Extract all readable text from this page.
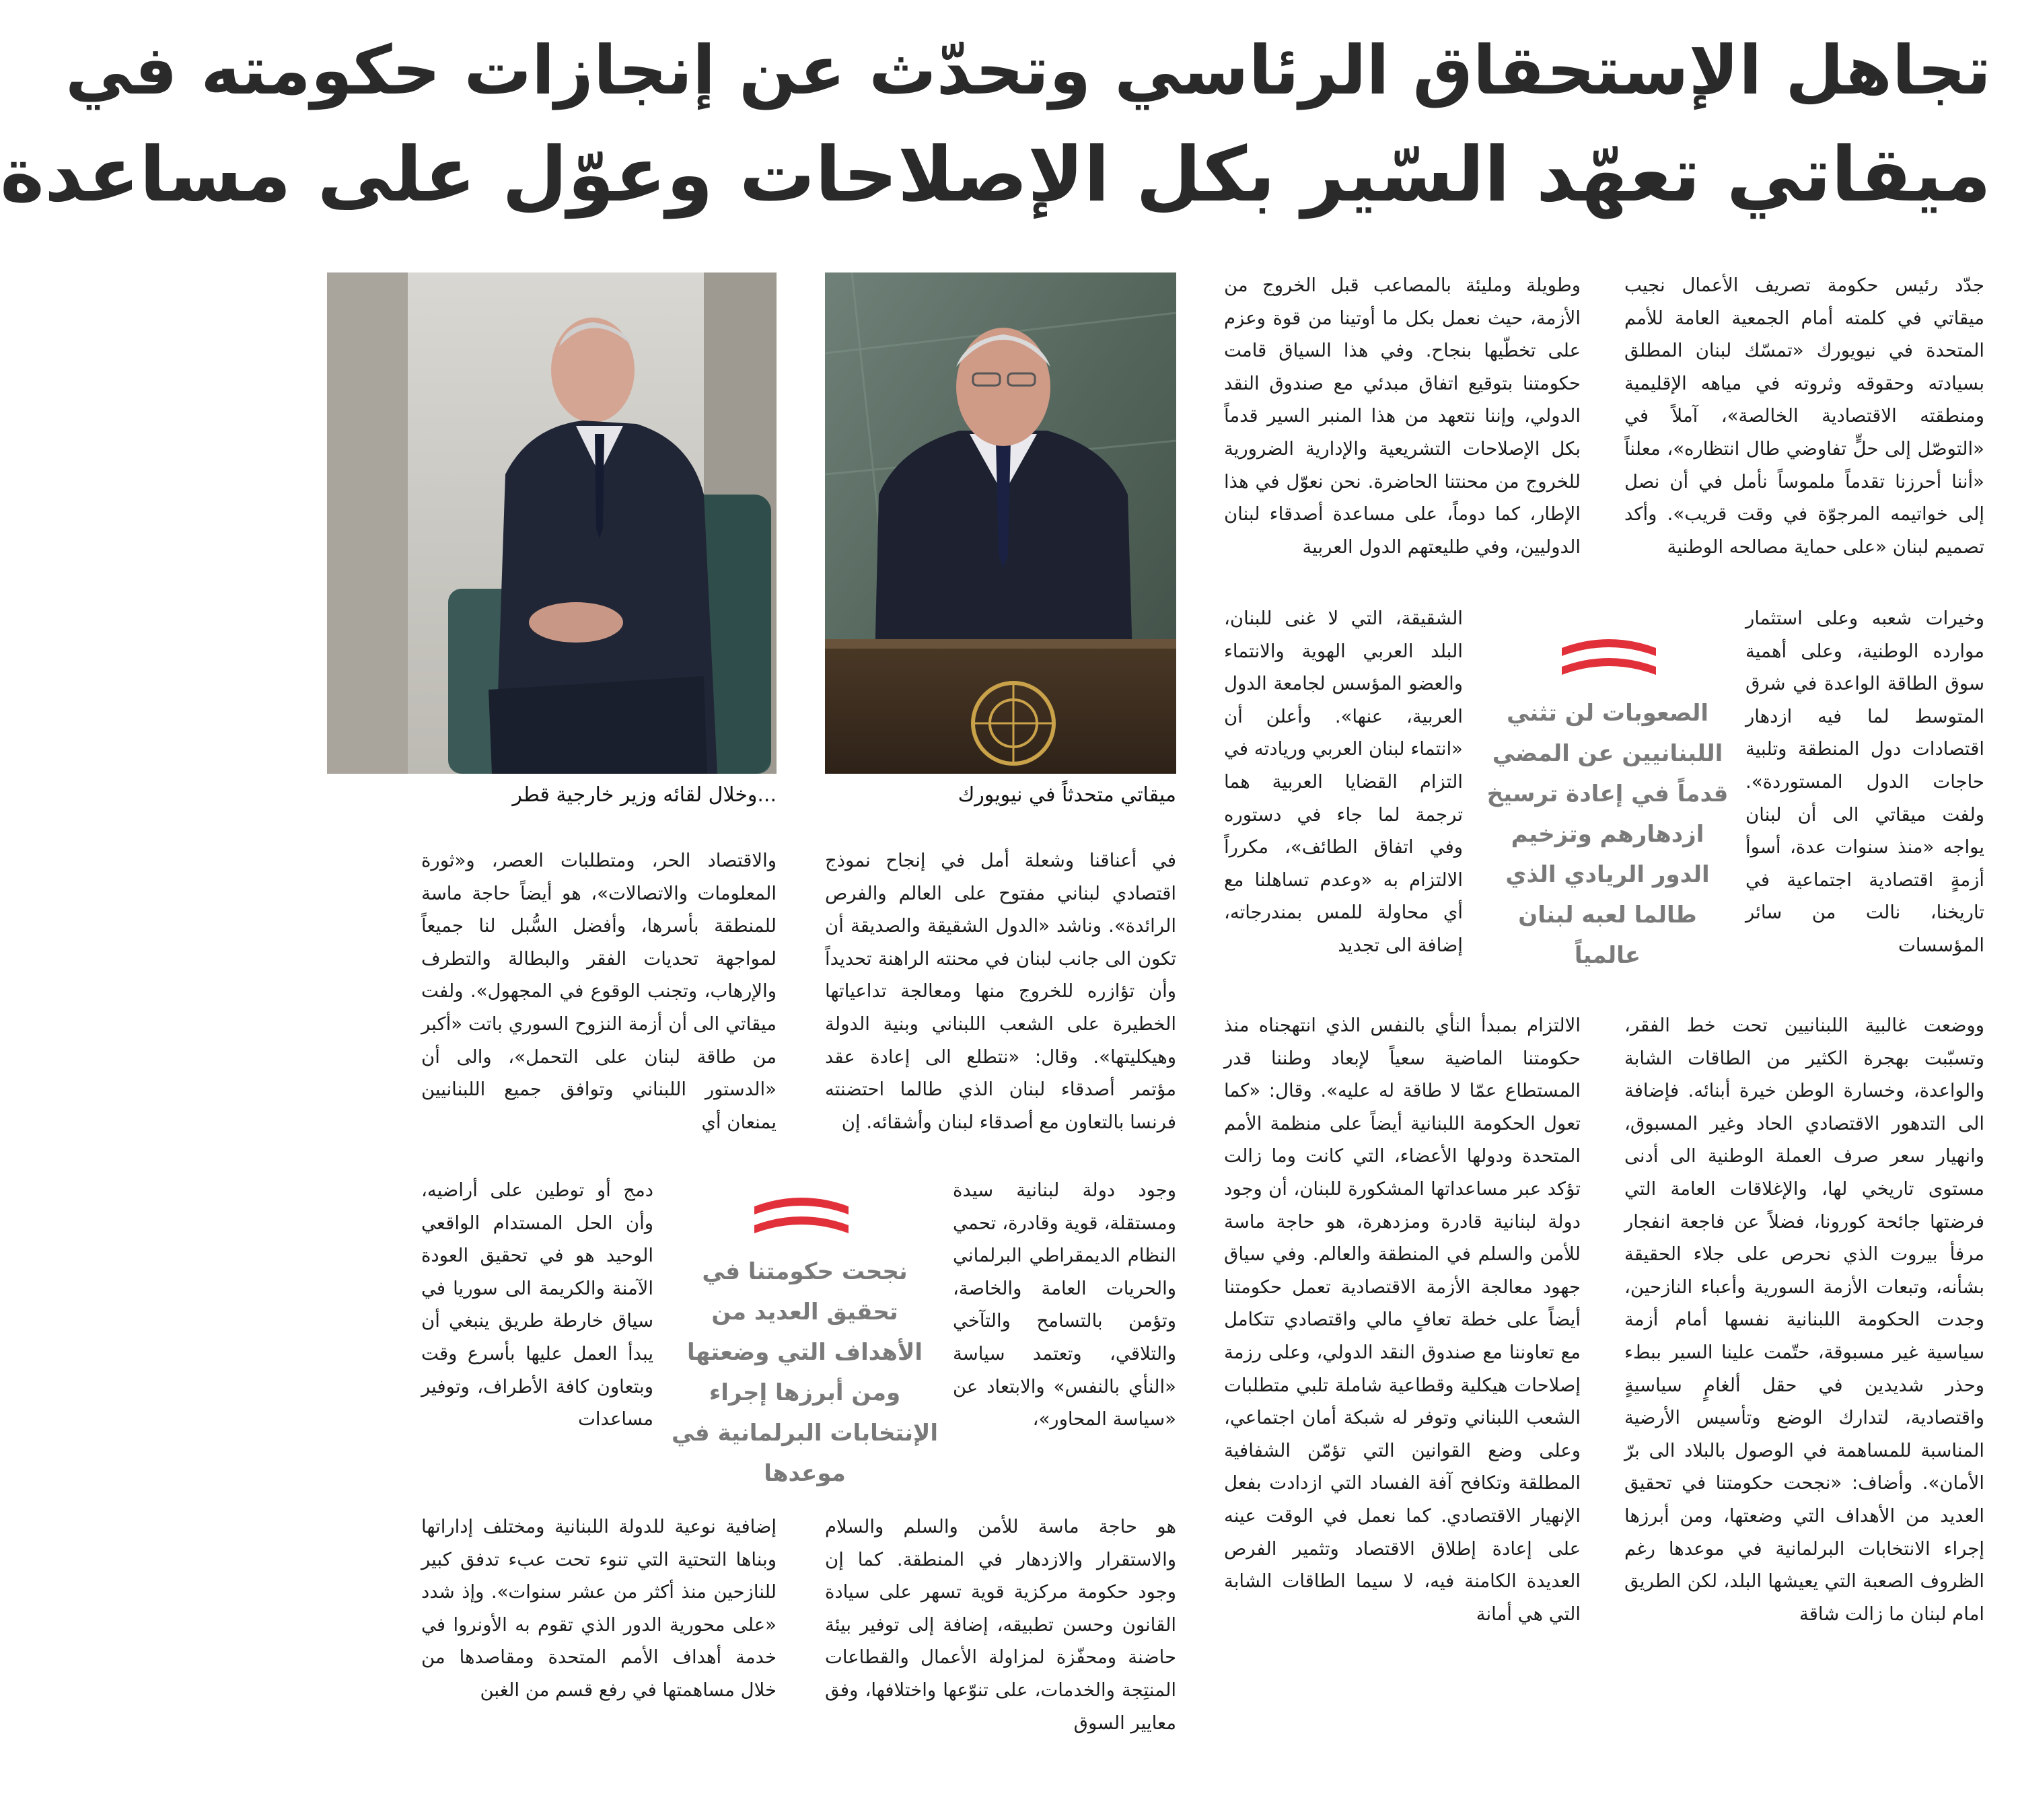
تجاهل الإستحقاق الرئاسي وتحدّث عن إنجازات حكومته في
ميقاتي تعهّد السّير بكل الإصلاحات وعوّل على مساعدة
جدّد رئيس حكومة تصريف الأعمال نجيب ميقاتي في كلمته أمام الجمعية العامة للأمم المتحدة في نيويورك «تمسّك لبنان المطلق بسيادته وحقوقه وثروته في مياهه الإقليمية ومنطقته الاقتصادية الخالصة»، آملاً في «التوصّل إلى حلٍّ تفاوضي طال انتظاره»، معلناً «أننا أحرزنا تقدماً ملموساً نأمل في أن نصل إلى خواتيمه المرجوّة في وقت قريب». وأكد تصميم لبنان «على حماية مصالحه الوطنية
وخيرات شعبه وعلى استثمار موارده الوطنية، وعلى أهمية سوق الطاقة الواعدة في شرق المتوسط لما فيه ازدهار اقتصادات دول المنطقة وتلبية حاجات الدول المستوردة». ولفت ميقاتي الى أن لبنان يواجه «منذ سنوات عدة، أسوأ أزمةٍ اقتصادية اجتماعية في تاريخنا، نالت من سائر المؤسسات
ووضعت غالبية اللبنانيين تحت خط الفقر، وتسبّبت بهجرة الكثير من الطاقات الشابة والواعدة، وخسارة الوطن خيرة أبنائه. فإضافة الى التدهور الاقتصادي الحاد وغير المسبوق، وانهيار سعر صرف العملة الوطنية الى أدنى مستوى تاريخي لها، والإغلاقات العامة التي فرضتها جائحة كورونا، فضلاً عن فاجعة انفجار مرفأ بيروت الذي نحرص على جلاء الحقيقة بشأنه، وتبعات الأزمة السورية وأعباء النازحين، وجدت الحكومة اللبنانية نفسها أمام أزمة سياسية غير مسبوقة، حتّمت علينا السير ببطء وحذر شديدين في حقل ألغامٍ سياسيةٍ واقتصادية، لتدارك الوضع وتأسيس الأرضية المناسبة للمساهمة في الوصول بالبلاد الى برّ الأمان». وأضاف: «نجحت حكومتنا في تحقيق العديد من الأهداف التي وضعتها، ومن أبرزها إجراء الانتخابات البرلمانية في موعدها رغم الظروف الصعبة التي يعيشها البلد، لكن الطريق امام لبنان ما زالت شاقة
وطويلة ومليئة بالمصاعب قبل الخروج من الأزمة، حيث نعمل بكل ما أوتينا من قوة وعزم على تخطّيها بنجاح. وفي هذا السياق قامت حكومتنا بتوقيع اتفاق مبدئي مع صندوق النقد الدولي، وإننا نتعهد من هذا المنبر السير قدماً بكل الإصلاحات التشريعية والإدارية الضرورية للخروج من محنتنا الحاضرة. نحن نعوّل في هذا الإطار، كما دوماً، على مساعدة أصدقاء لبنان الدوليين، وفي طليعتهم الدول العربية
الشقيقة، التي لا غنى للبنان، البلد العربي الهوية والانتماء والعضو المؤسس لجامعة الدول العربية، عنها». وأعلن أن «انتماء لبنان العربي وريادته في التزام القضايا العربية هما ترجمة لما جاء في دستوره وفي اتفاق الطائف»، مكرراً الالتزام به «وعدم تساهلنا مع أي محاولة للمس بمندرجاته، إضافة الى تجديد
الالتزام بمبدأ النأي بالنفس الذي انتهجناه منذ حكومتنا الماضية سعياً لإبعاد وطننا قدر المستطاع عمّا لا طاقة له عليه». وقال: «كما تعول الحكومة اللبنانية أيضاً على منظمة الأمم المتحدة ودولها الأعضاء، التي كانت وما زالت تؤكد عبر مساعداتها المشكورة للبنان، أن وجود دولة لبنانية قادرة ومزدهرة، هو حاجة ماسة للأمن والسلم في المنطقة والعالم. وفي سياق جهود معالجة الأزمة الاقتصادية تعمل حكومتنا أيضاً على خطة تعافٍ مالي واقتصادي تتكامل مع تعاوننا مع صندوق النقد الدولي، وعلى رزمة إصلاحات هيكلية وقطاعية شاملة تلبي متطلبات الشعب اللبناني وتوفر له شبكة أمان اجتماعي، وعلى وضع القوانين التي تؤمّن الشفافية المطلقة وتكافح آفة الفساد التي ازدادت بفعل الإنهيار الاقتصادي. كما نعمل في الوقت عينه على إعادة إطلاق الاقتصاد وتثمير الفرص العديدة الكامنة فيه، لا سيما الطاقات الشابة التي هي أمانة
الصعوبات لن تثني اللبنانيين عن المضي قدماً في إعادة ترسيخ ازدهارهم وتزخيم الدور الريادي الذي طالما لعبه لبنان عالمياً
ميقاتي متحدثاً في نيويورك
...وخلال لقائه وزير خارجية قطر
في أعناقنا وشعلة أمل في إنجاح نموذج اقتصادي لبناني مفتوح على العالم والفرص الرائدة». وناشد «الدول الشقيقة والصديقة أن تكون الى جانب لبنان في محنته الراهنة تحديداً وأن تؤازره للخروج منها ومعالجة تداعياتها الخطيرة على الشعب اللبناني وبنية الدولة وهيكليتها». وقال: «نتطلع الى إعادة عقد مؤتمر أصدقاء لبنان الذي طالما احتضنته فرنسا بالتعاون مع أصدقاء لبنان وأشقائه. إن
وجود دولة لبنانية سيدة ومستقلة، قوية وقادرة، تحمي النظام الديمقراطي البرلماني والحريات العامة والخاصة، وتؤمن بالتسامح والتآخي والتلاقي، وتعتمد سياسة «النأي بالنفس» والابتعاد عن «سياسة المحاور»،
هو حاجة ماسة للأمن والسلم والسلام والاستقرار والازدهار في المنطقة. كما إن وجود حكومة مركزية قوية تسهر على سيادة القانون وحسن تطبيقه، إضافة إلى توفير بيئة حاضنة ومحفّزة لمزاولة الأعمال والقطاعات المنتِجة والخدمات، على تنوّعها واختلافها، وفق معايير السوق
والاقتصاد الحر، ومتطلبات العصر، و«ثورة المعلومات والاتصالات»، هو أيضاً حاجة ماسة للمنطقة بأسرها، وأفضل السُّبل لنا جميعاً لمواجهة تحديات الفقر والبطالة والتطرف والإرهاب، وتجنب الوقوع في المجهول». ولفت ميقاتي الى أن أزمة النزوح السوري باتت «أكبر من طاقة لبنان على التحمل»، والى أن «الدستور اللبناني وتوافق جميع اللبنانيين يمنعان أي
دمج أو توطين على أراضيه، وأن الحل المستدام الواقعي الوحيد هو في تحقيق العودة الآمنة والكريمة الى سوريا في سياق خارطة طريق ينبغي أن يبدأ العمل عليها بأسرع وقت وبتعاون كافة الأطراف، وتوفير مساعدات
إضافية نوعية للدولة اللبنانية ومختلف إداراتها وبناها التحتية التي تنوء تحت عبء تدفق كبير للنازحين منذ أكثر من عشر سنوات». وإذ شدد «على محورية الدور الذي تقوم به الأونروا في خدمة أهداف الأمم المتحدة ومقاصدها من خلال مساهمتها في رفع قسم من الغبن
نجحت حكومتنا في تحقيق العديد من الأهداف التي وضعتها ومن أبرزها إجراء الإنتخابات البرلمانية في موعدها
